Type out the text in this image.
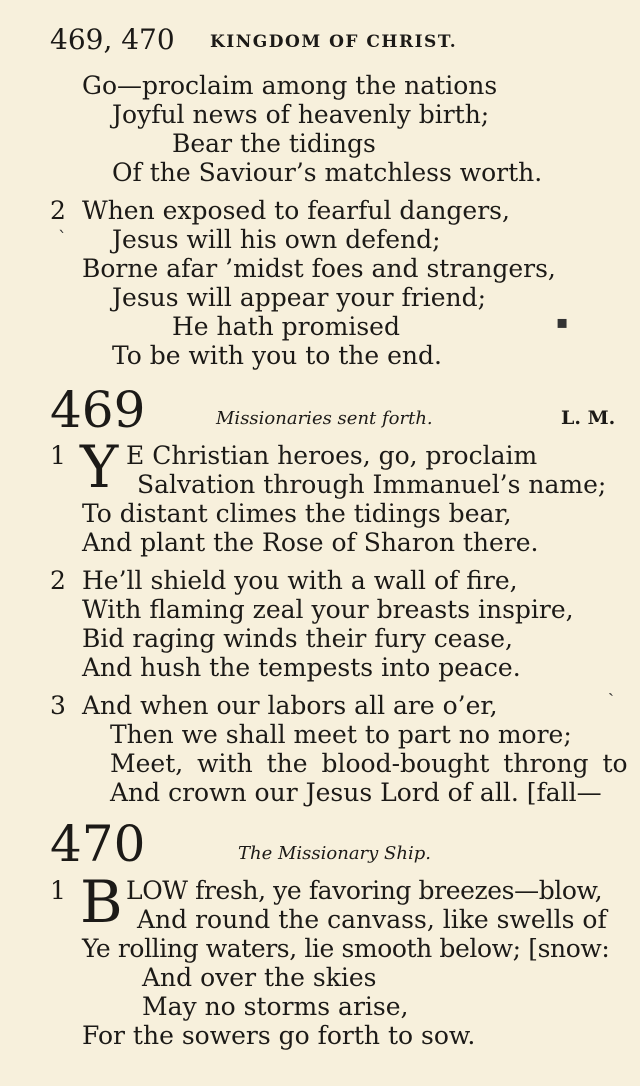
469, 470 KINGDOM OF CHRIST.
Go—proclaim among the nations
Joyful news of heavenly birth;
Bear the tidings
Of the Saviour’s matchless worth.
2 When exposed to fearful dangers,
Jesus will his own defend;
Borne afar ’midst foes and strangers,
Jesus will appear your friend;
He hath promised
To be with you to the end.
469	Missionaries sent forth.	L. M.
1 Y E Christian heroes, go, proclaim
Salvation through Immanuel’s name;
To distant climes the tidings bear,
And plant the Rose of Sharon there.
2 He’ll shield you with a wall of fire,
With flaming zeal your breasts inspire,
Bid raging winds their fury cease,
And hush the tempests into peace.
3 And when our labors all are o’er,
Then we shall meet to part no more;
Meet, with the blood-bought throng to
And crown our Jesus Lord of all. [fall—
470	The Missionary Ship.
1 B LOW fresh, ye favoring breezes—blow,
And round the canvass, like swells of
Ye rolling waters, lie smooth below; [snow:
And over the skies
May no storms arise,
For the sowers go forth to sow.
ˋ
▪
ˎ
